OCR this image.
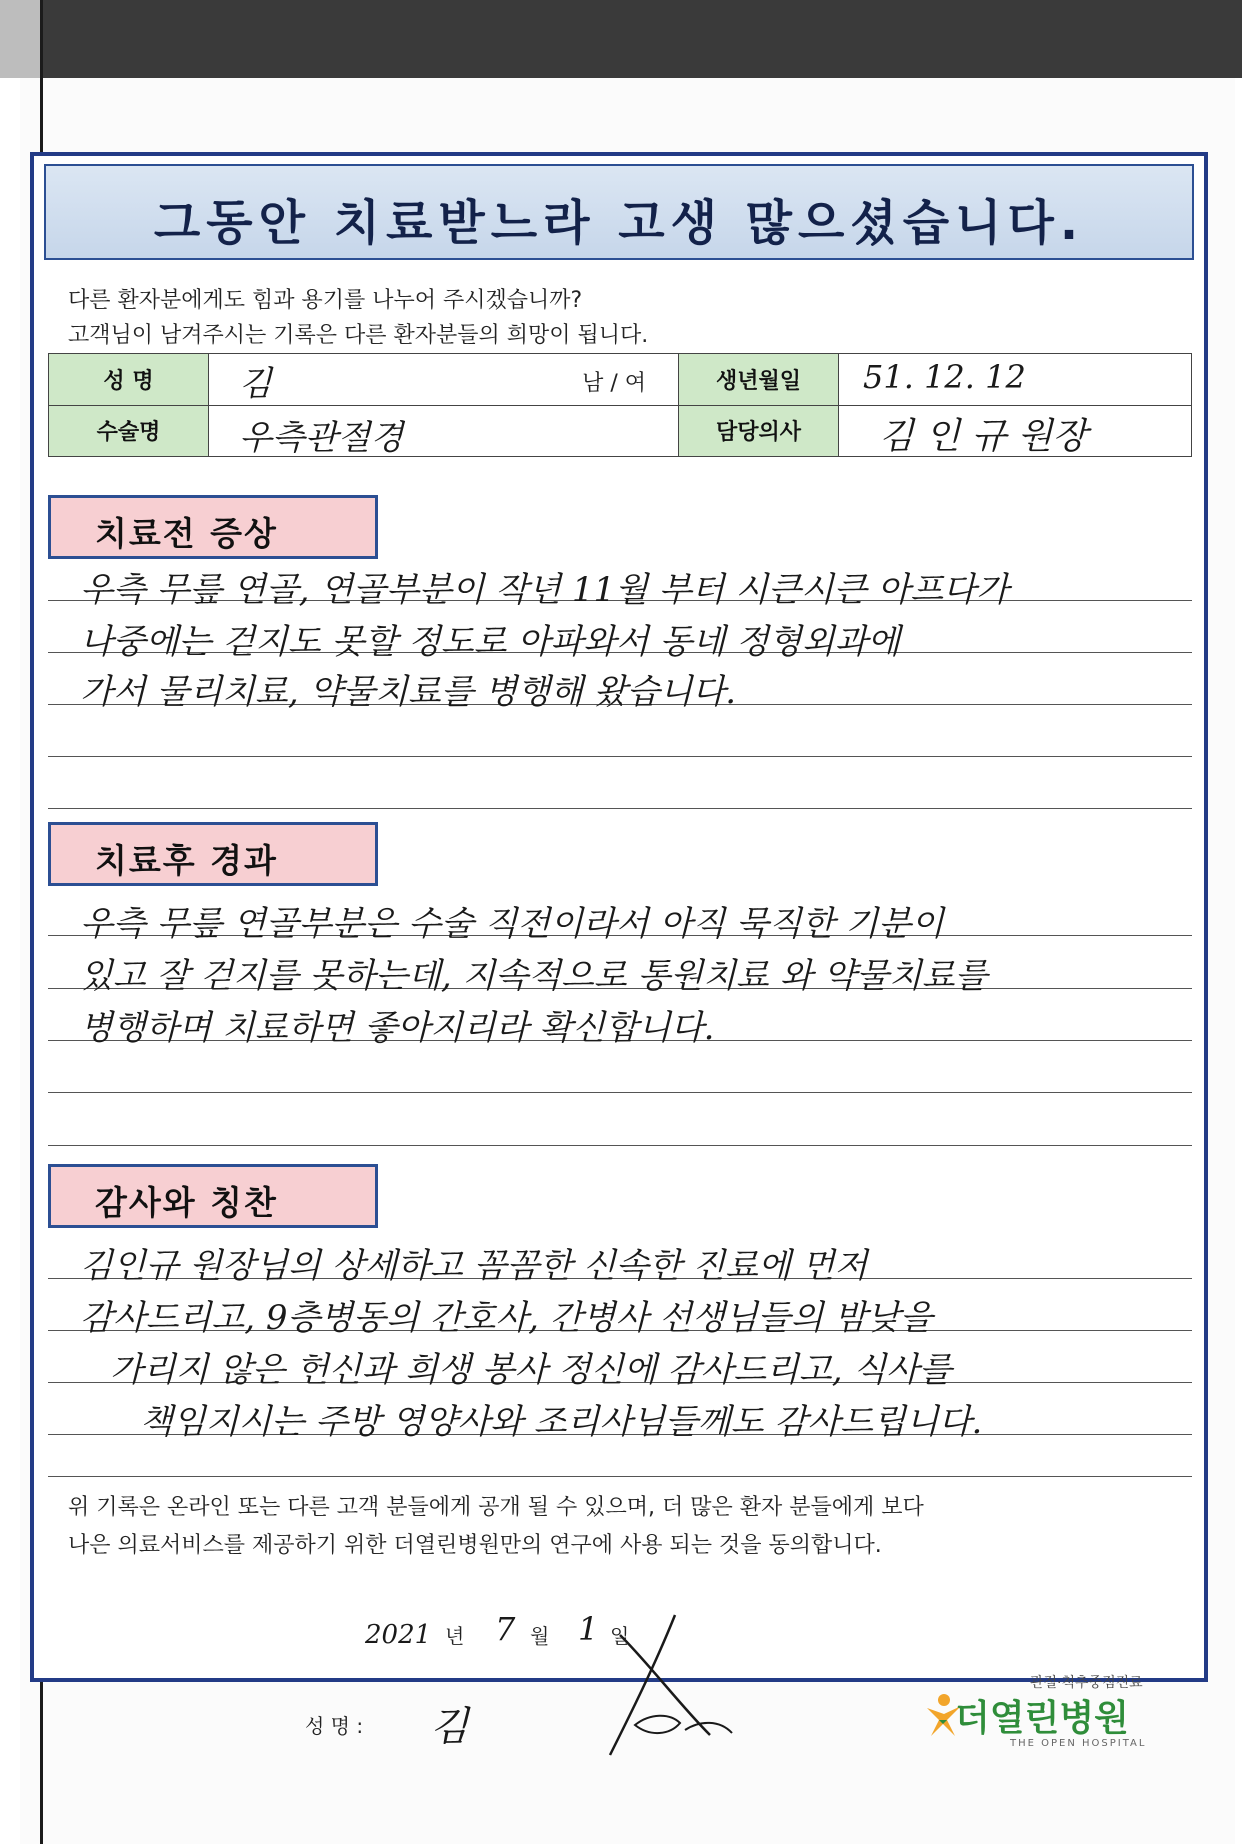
그동안 치료받느라 고생 많으셨습니다.
다른 환자분에게도 힘과 용기를 나누어 주시겠습니까?
고객님이 남겨주시는 기록은 다른 환자분들의 희망이 됩니다.
성 명	김 남 / 여	생년월일	51. 12. 12

수술명	우측관절경	담당의사	김 인 규 원장
치료전 증상
우측 무릎 연골, 연골부분이 작년 11월 부터 시큰시큰 아프다가
나중에는 걷지도 못할 정도로 아파와서 동네 정형외과에
가서 물리치료, 약물치료를 병행해 왔습니다.
치료후 경과
우측 무릎 연골부분은 수술 직전이라서 아직 묵직한 기분이
있고 잘 걷지를 못하는데, 지속적으로 통원치료 와 약물치료를
병행하며 치료하면 좋아지리라 확신합니다.
감사와 칭찬
김인규 원장님의 상세하고 꼼꼼한 신속한 진료에 먼저
감사드리고, 9층병동의 간호사, 간병사 선생님들의 밤낮을
가리지 않은 헌신과 희생 봉사 정신에 감사드리고, 식사를
책임지시는 주방 영양사와 조리사님들께도 감사드립니다.
위 기록은 온라인 또는 다른 고객 분들에게 공개 될 수 있으며, 더 많은 환자 분들에게 보다
나은 의료서비스를 제공하기 위한 더열린병원만의 연구에 사용 되는 것을 동의합니다.
2021 년 7 월 1 일
성 명 : 김
관절·척추중점진료
더열린병원
THE OPEN HOSPITAL
